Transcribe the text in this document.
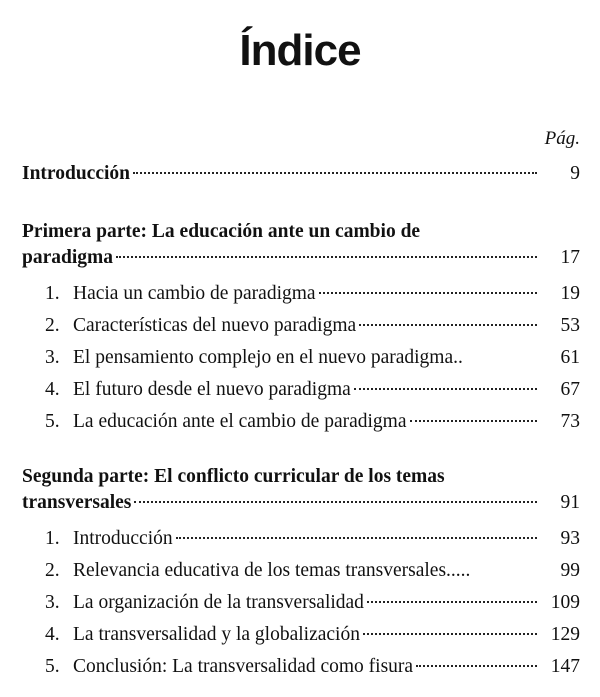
Índice
Pág.
Introducción	9
Primera parte: La educación ante un cambio de
paradigma	17
1. Hacia un cambio de paradigma	19
2. Características del nuevo paradigma	53
3. El pensamiento complejo en el nuevo paradigma..	61
4. El futuro desde el nuevo paradigma	67
5. La educación ante el cambio de paradigma	73
Segunda parte: El conflicto curricular de los temas
transversales	91
1. Introducción	93
2. Relevancia educativa de los temas transversales.....	99
3. La organización de la transversalidad	109
4. La transversalidad y la globalización	129
5. Conclusión: La transversalidad como fisura	147
